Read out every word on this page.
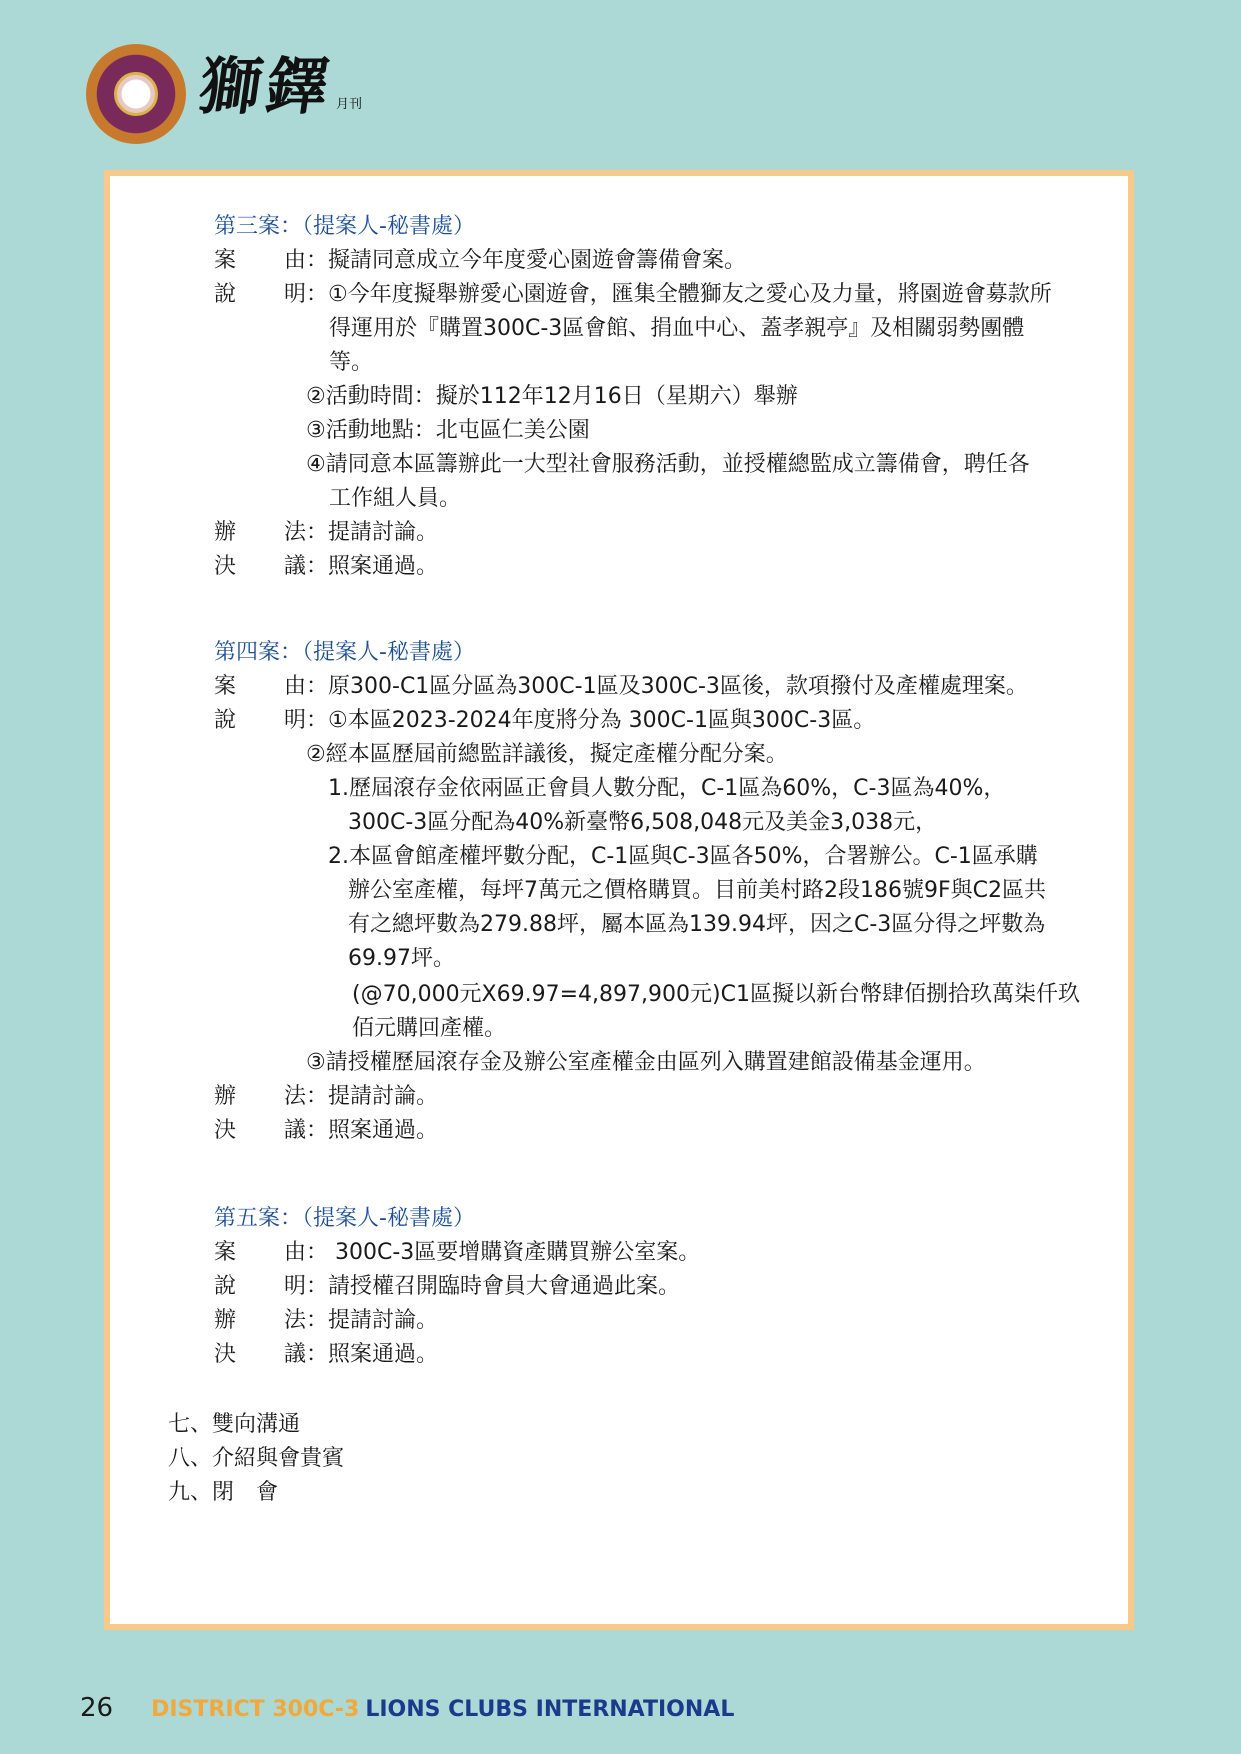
獅鐸
月刊
第三案：（提案人-秘書處）
案　由：擬請同意成立今年度愛心園遊會籌備會案。
說　明：①今年度擬舉辦愛心園遊會，匯集全體獅友之愛心及力量，將園遊會募款所
得運用於『購置300C-3區會館、捐血中心、蓋孝親亭』及相關弱勢團體
等。
②活動時間：擬於112年12月16日（星期六）舉辦
③活動地點：北屯區仁美公園
④請同意本區籌辦此一大型社會服務活動，並授權總監成立籌備會，聘任各
工作組人員。
辦　法：提請討論。
決　議：照案通過。
第四案：（提案人-秘書處）
案　由：原300-C1區分區為300C-1區及300C-3區後，款項撥付及產權處理案。
說　明：①本區2023-2024年度將分為 300C-1區與300C-3區。
②經本區歷屆前總監詳議後，擬定產權分配分案。
1.歷屆滾存金依兩區正會員人數分配，C-1區為60%，C-3區為40%，
300C-3區分配為40%新臺幣6,508,048元及美金3,038元，
2.本區會館產權坪數分配，C-1區與C-3區各50%，合署辦公。C-1區承購
辦公室產權，每坪7萬元之價格購買。目前美村路2段186號9F與C2區共
有之總坪數為279.88坪，屬本區為139.94坪，因之C-3區分得之坪數為
69.97坪。
(@70,000元X69.97=4,897,900元)C1區擬以新台幣肆佰捌拾玖萬柒仟玖
佰元購回產權。
③請授權歷屆滾存金及辦公室產權金由區列入購置建館設備基金運用。
辦　法：提請討論。
決　議：照案通過。
第五案：（提案人-秘書處）
案　由： 300C-3區要增購資產購買辦公室案。
說　明：請授權召開臨時會員大會通過此案。
辦　法：提請討論。
決　議：照案通過。
七、雙向溝通
八、介紹與會貴賓
九、閉　會
26 DISTRICT 300C-3 LIONS CLUBS INTERNATIONAL
